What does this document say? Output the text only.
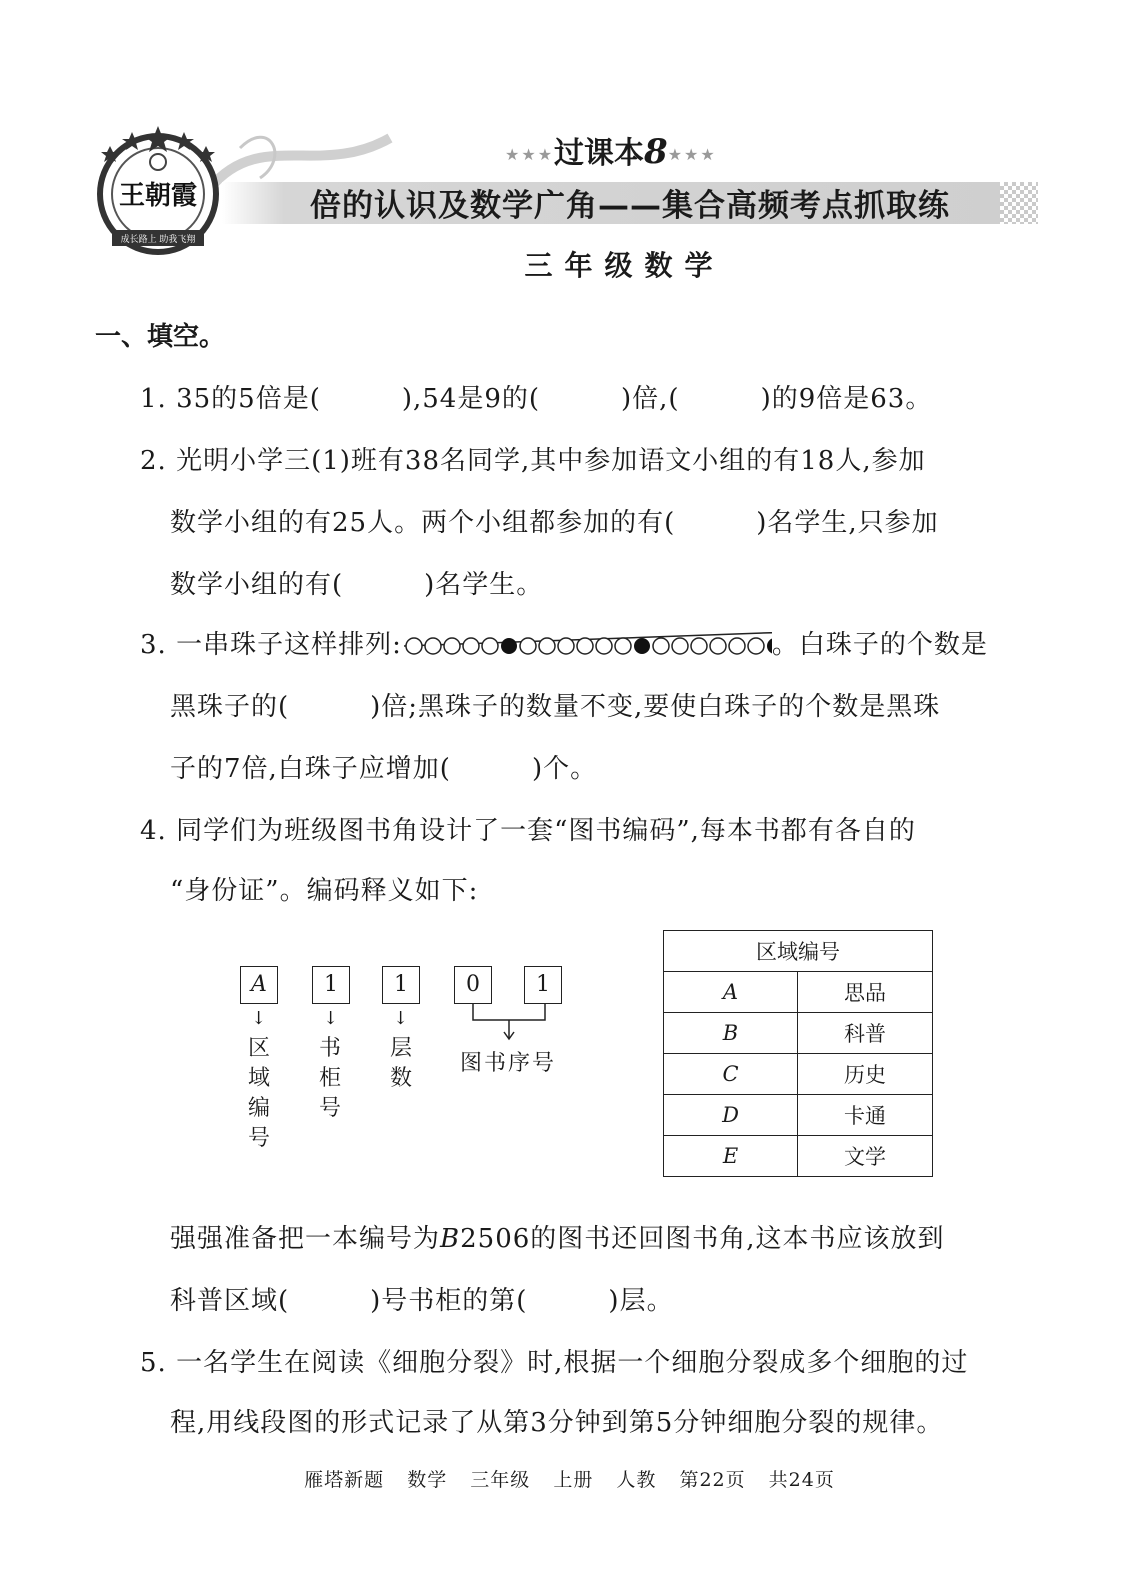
王朝霞
成长路上 助我飞翔
★★★过课本8★★★
倍的认识及数学广角——集合高频考点抓取练
三年级数学
一、填空。
1. 35的5倍是(　　　),54是9的(　　　)倍,(　　　)的9倍是63。
2. 光明小学三(1)班有38名同学,其中参加语文小组的有18人,参加
数学小组的有25人。两个小组都参加的有(　　　)名学生,只参加
数学小组的有(　　　)名学生。
3. 一串珠子这样排列:	。白珠子的个数是
黑珠子的(　　　)倍;黑珠子的数量不变,要使白珠子的个数是黑珠
子的7倍,白珠子应增加(　　　)个。
4. 同学们为班级图书角设计了一套“图书编码”,每本书都有各自的
“身份证”。编码释义如下:
A	1	1	0	1
↓	↓	↓
区
域
编
号
书
柜
号
层
数
图书序号
区域编号	
A	思品
B	科普
C	历史
D	卡通
E	文学
强强准备把一本编号为B2506的图书还回图书角,这本书应该放到
科普区域(　　　)号书柜的第(　　　)层。
5. 一名学生在阅读《细胞分裂》时,根据一个细胞分裂成多个细胞的过
程,用线段图的形式记录了从第3分钟到第5分钟细胞分裂的规律。
雁塔新题 数学 三年级 上册 人教 第22页 共24页
